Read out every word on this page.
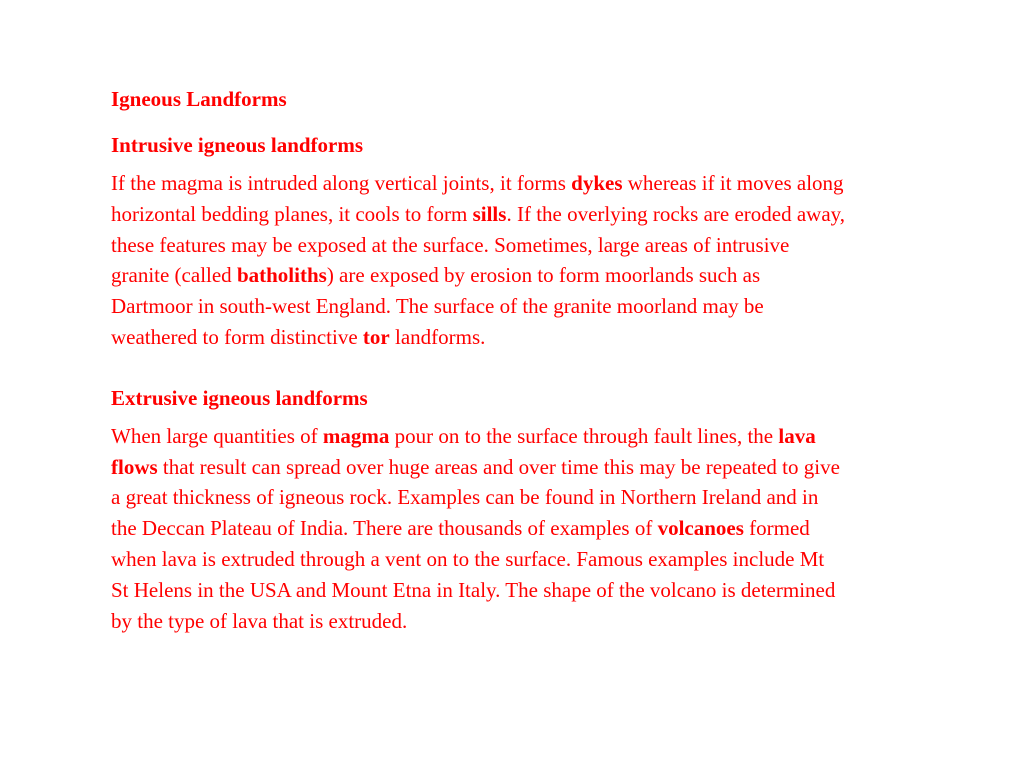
Igneous Landforms
Intrusive igneous landforms

If the magma is intruded along vertical joints, it forms dykes whereas if it moves along horizontal bedding planes, it cools to form sills. If the overlying rocks are eroded away, these features may be exposed at the surface. Sometimes, large areas of intrusive granite (called batholiths) are exposed by erosion to form moorlands such as Dartmoor in south-west England. The surface of the granite moorland may be weathered to form distinctive tor landforms.

Extrusive igneous landforms

When large quantities of magma pour on to the surface through fault lines, the lava flows that result can spread over huge areas and over time this may be repeated to give a great thickness of igneous rock. Examples can be found in Northern Ireland and in the Deccan Plateau of India. There are thousands of examples of volcanoes formed when lava is extruded through a vent on to the surface. Famous examples include Mt St Helens in the USA and Mount Etna in Italy. The shape of the volcano is determined by the type of lava that is extruded.
